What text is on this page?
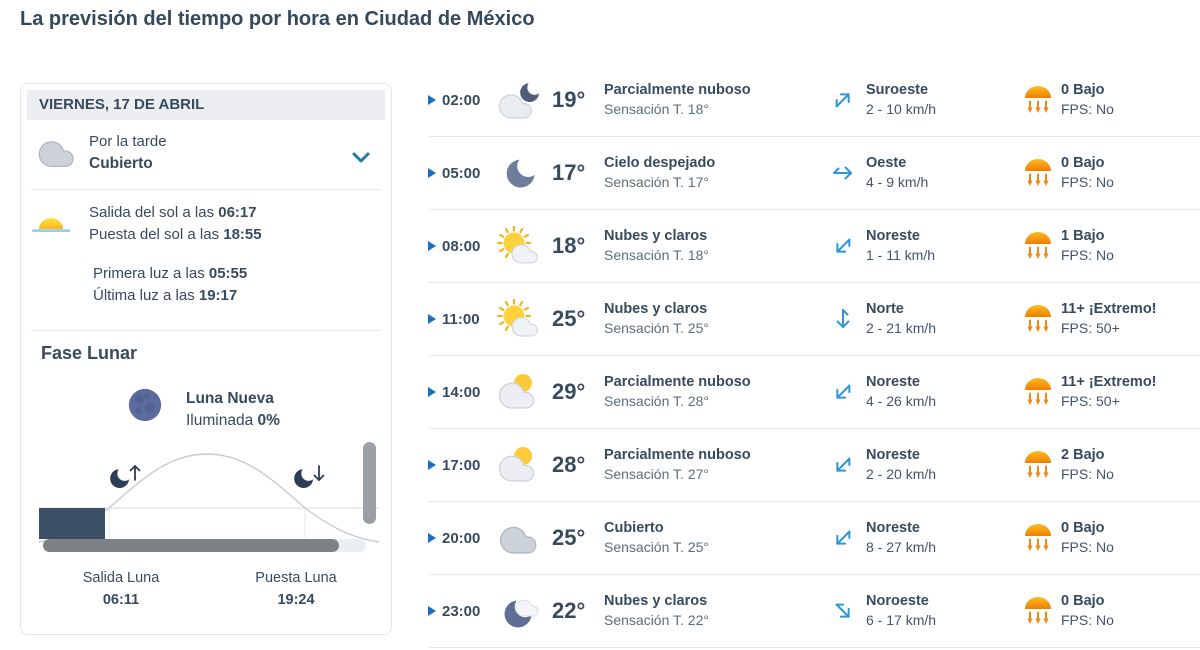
La previsión del tiempo por hora en Ciudad de México
VIERNES, 17 DE ABRIL
Por la tarde
Cubierto
Salida del sol a las 06:17
Puesta del sol a las 18:55
Primera luz a las 05:55
Última luz a las 19:17
Fase Lunar
Luna Nueva
Iluminada 0%
Salida Luna
06:11
Puesta Luna
19:24
02:00	19°	Parcialmente nuboso
Sensación T. 18°
Suroeste
2 - 10 km/h
0 Bajo
FPS: No
05:00	17°	Cielo despejado
Sensación T. 17°
Oeste
4 - 9 km/h
0 Bajo
FPS: No
08:00	18°	Nubes y claros
Sensación T. 18°
Noreste
1 - 11 km/h
1 Bajo
FPS: No
11:00	25°	Nubes y claros
Sensación T. 25°
Norte
2 - 21 km/h
11+ ¡Extremo!
FPS: 50+
14:00	29°	Parcialmente nuboso
Sensación T. 28°
Noreste
4 - 26 km/h
11+ ¡Extremo!
FPS: 50+
17:00	28°	Parcialmente nuboso
Sensación T. 27°
Noreste
2 - 20 km/h
2 Bajo
FPS: No
20:00	25°	Cubierto
Sensación T. 25°
Noreste
8 - 27 km/h
0 Bajo
FPS: No
23:00	22°	Nubes y claros
Sensación T. 22°
Noroeste
6 - 17 km/h
0 Bajo
FPS: No
